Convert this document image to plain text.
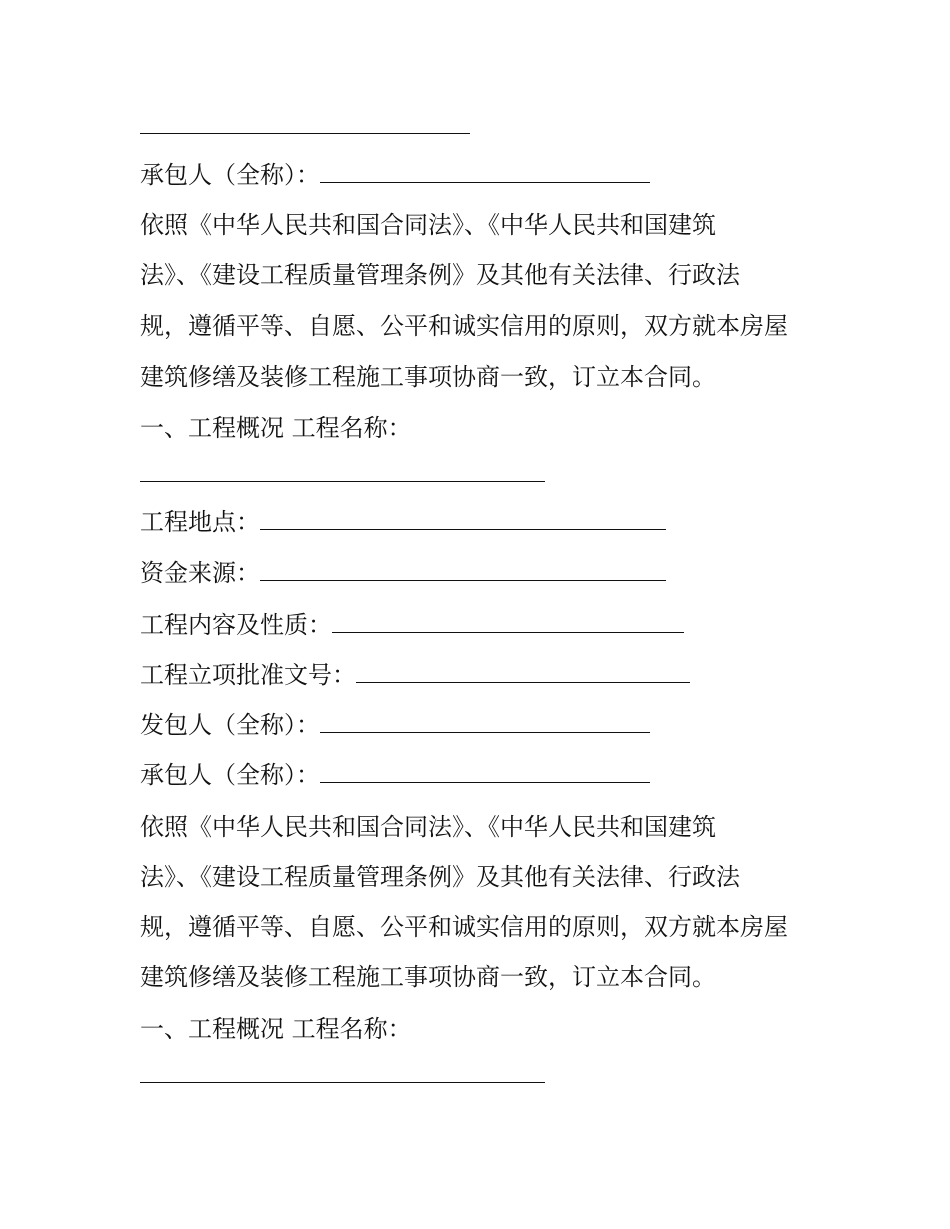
承包人（全称）：
依照《中华人民共和国合同法》、《中华人民共和国建筑
法》、《建设工程质量管理条例》及其他有关法律、行政法
规，遵循平等、自愿、公平和诚实信用的原则，双方就本房屋
建筑修缮及装修工程施工事项协商一致，订立本合同。
一、工程概况 工程名称：
工程地点：
资金来源：
工程内容及性质：
工程立项批准文号：
发包人（全称）：
承包人（全称）：
依照《中华人民共和国合同法》、《中华人民共和国建筑
法》、《建设工程质量管理条例》及其他有关法律、行政法
规，遵循平等、自愿、公平和诚实信用的原则，双方就本房屋
建筑修缮及装修工程施工事项协商一致，订立本合同。
一、工程概况 工程名称：
